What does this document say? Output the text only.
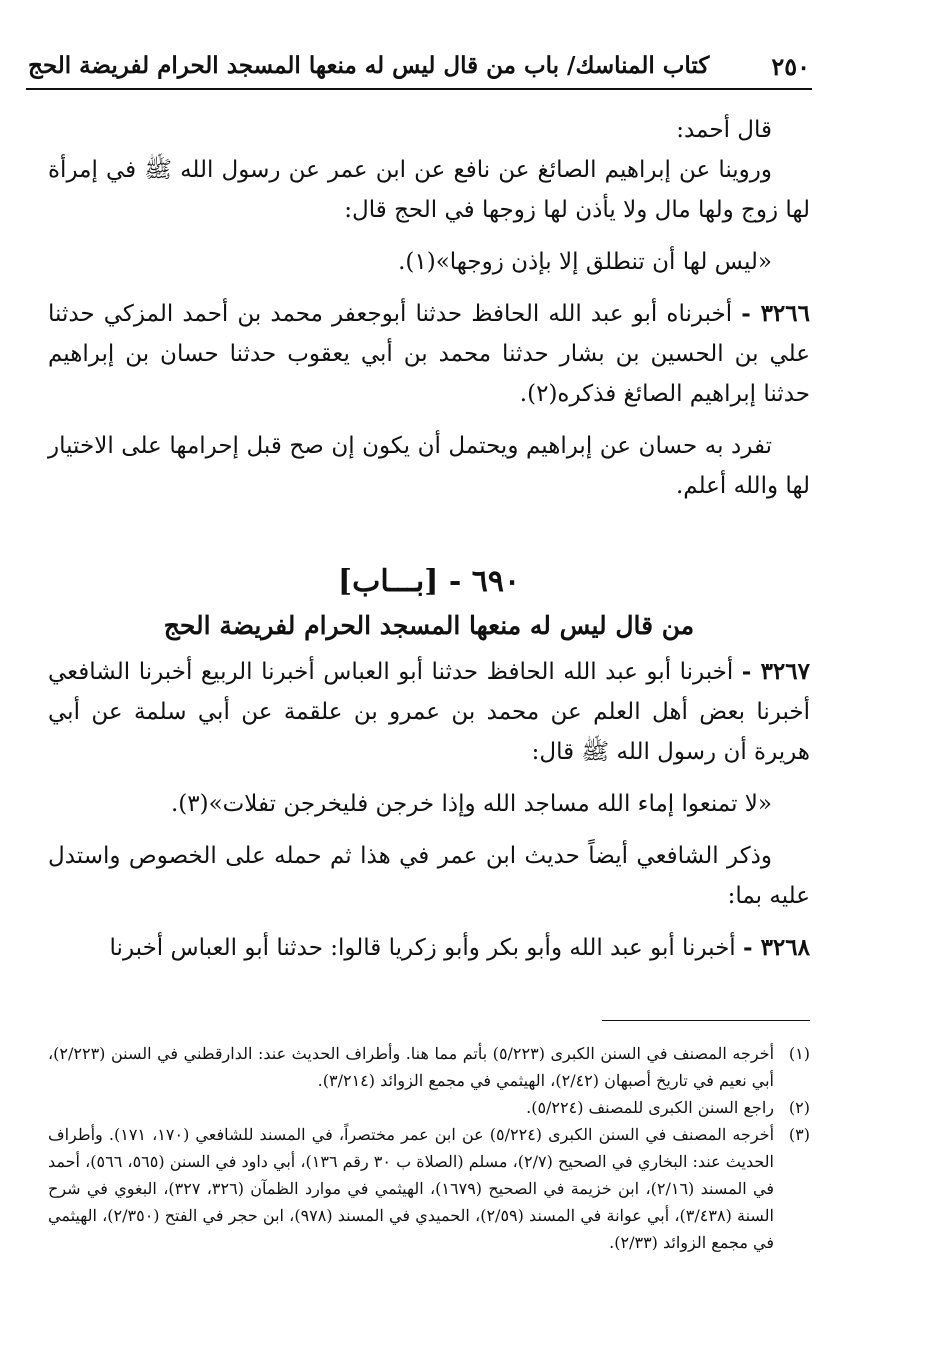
٢٥٠
كتاب المناسك/ باب من قال ليس له منعها المسجد الحرام لفريضة الحج

قال أحمد:

وروينا عن إبراهيم الصائغ عن نافع عن ابن عمر عن رسول الله ﷺ في إمرأة لها زوج ولها مال ولا يأذن لها زوجها في الحج قال:

«ليس لها أن تنطلق إلا بإذن زوجها»(١).

٣٢٦٦ - أخبرناه أبو عبد الله الحافظ حدثنا أبوجعفر محمد بن أحمد المزكي حدثنا علي بن الحسين بن بشار حدثنا محمد بن أبي يعقوب حدثنا حسان بن إبراهيم حدثنا إبراهيم الصائغ فذكره(٢).

تفرد به حسان عن إبراهيم ويحتمل أن يكون إن صح قبل إحرامها على الاختيار لها والله أعلم.

٦٩٠ - [بـــاب]

من قال ليس له منعها المسجد الحرام لفريضة الحج

٣٢٦٧ - أخبرنا أبو عبد الله الحافظ حدثنا أبو العباس أخبرنا الربيع أخبرنا الشافعي أخبرنا بعض أهل العلم عن محمد بن عمرو بن علقمة عن أبي سلمة عن أبي هريرة أن رسول الله ﷺ قال:

«لا تمنعوا إماء الله مساجد الله وإذا خرجن فليخرجن تفلات»(٣).

وذكر الشافعي أيضاً حديث ابن عمر في هذا ثم حمله على الخصوص واستدل عليه بما:

٣٢٦٨ - أخبرنا أبو عبد الله وأبو بكر وأبو زكريا قالوا: حدثنا أبو العباس أخبرنا

(١)
أخرجه المصنف في السنن الكبرى (٥/٢٢٣) بأتم مما هنا. وأطراف الحديث عند: الدارقطني في السنن (٢/٢٢٣)، أبي نعيم في تاريخ أصبهان (٢/٤٢)، الهيثمي في مجمع الزوائد (٣/٢١٤).

(٢)
راجع السنن الكبرى للمصنف (٥/٢٢٤).

(٣)
أخرجه المصنف في السنن الكبرى (٥/٢٢٤) عن ابن عمر مختصراً، في المسند للشافعي (١٧٠، ١٧١). وأطراف الحديث عند: البخاري في الصحيح (٢/٧)، مسلم (الصلاة ب ٣٠ رقم ١٣٦)، أبي داود في السنن (٥٦٥، ٥٦٦)، أحمد في المسند (٢/١٦)، ابن خزيمة في الصحيح (١٦٧٩)، الهيثمي في موارد الظمآن (٣٢٦، ٣٢٧)، البغوي في شرح السنة (٣/٤٣٨)، أبي عوانة في المسند (٢/٥٩)، الحميدي في المسند (٩٧٨)، ابن حجر في الفتح (٢/٣٥٠)، الهيثمي في مجمع الزوائد (٢/٣٣).
